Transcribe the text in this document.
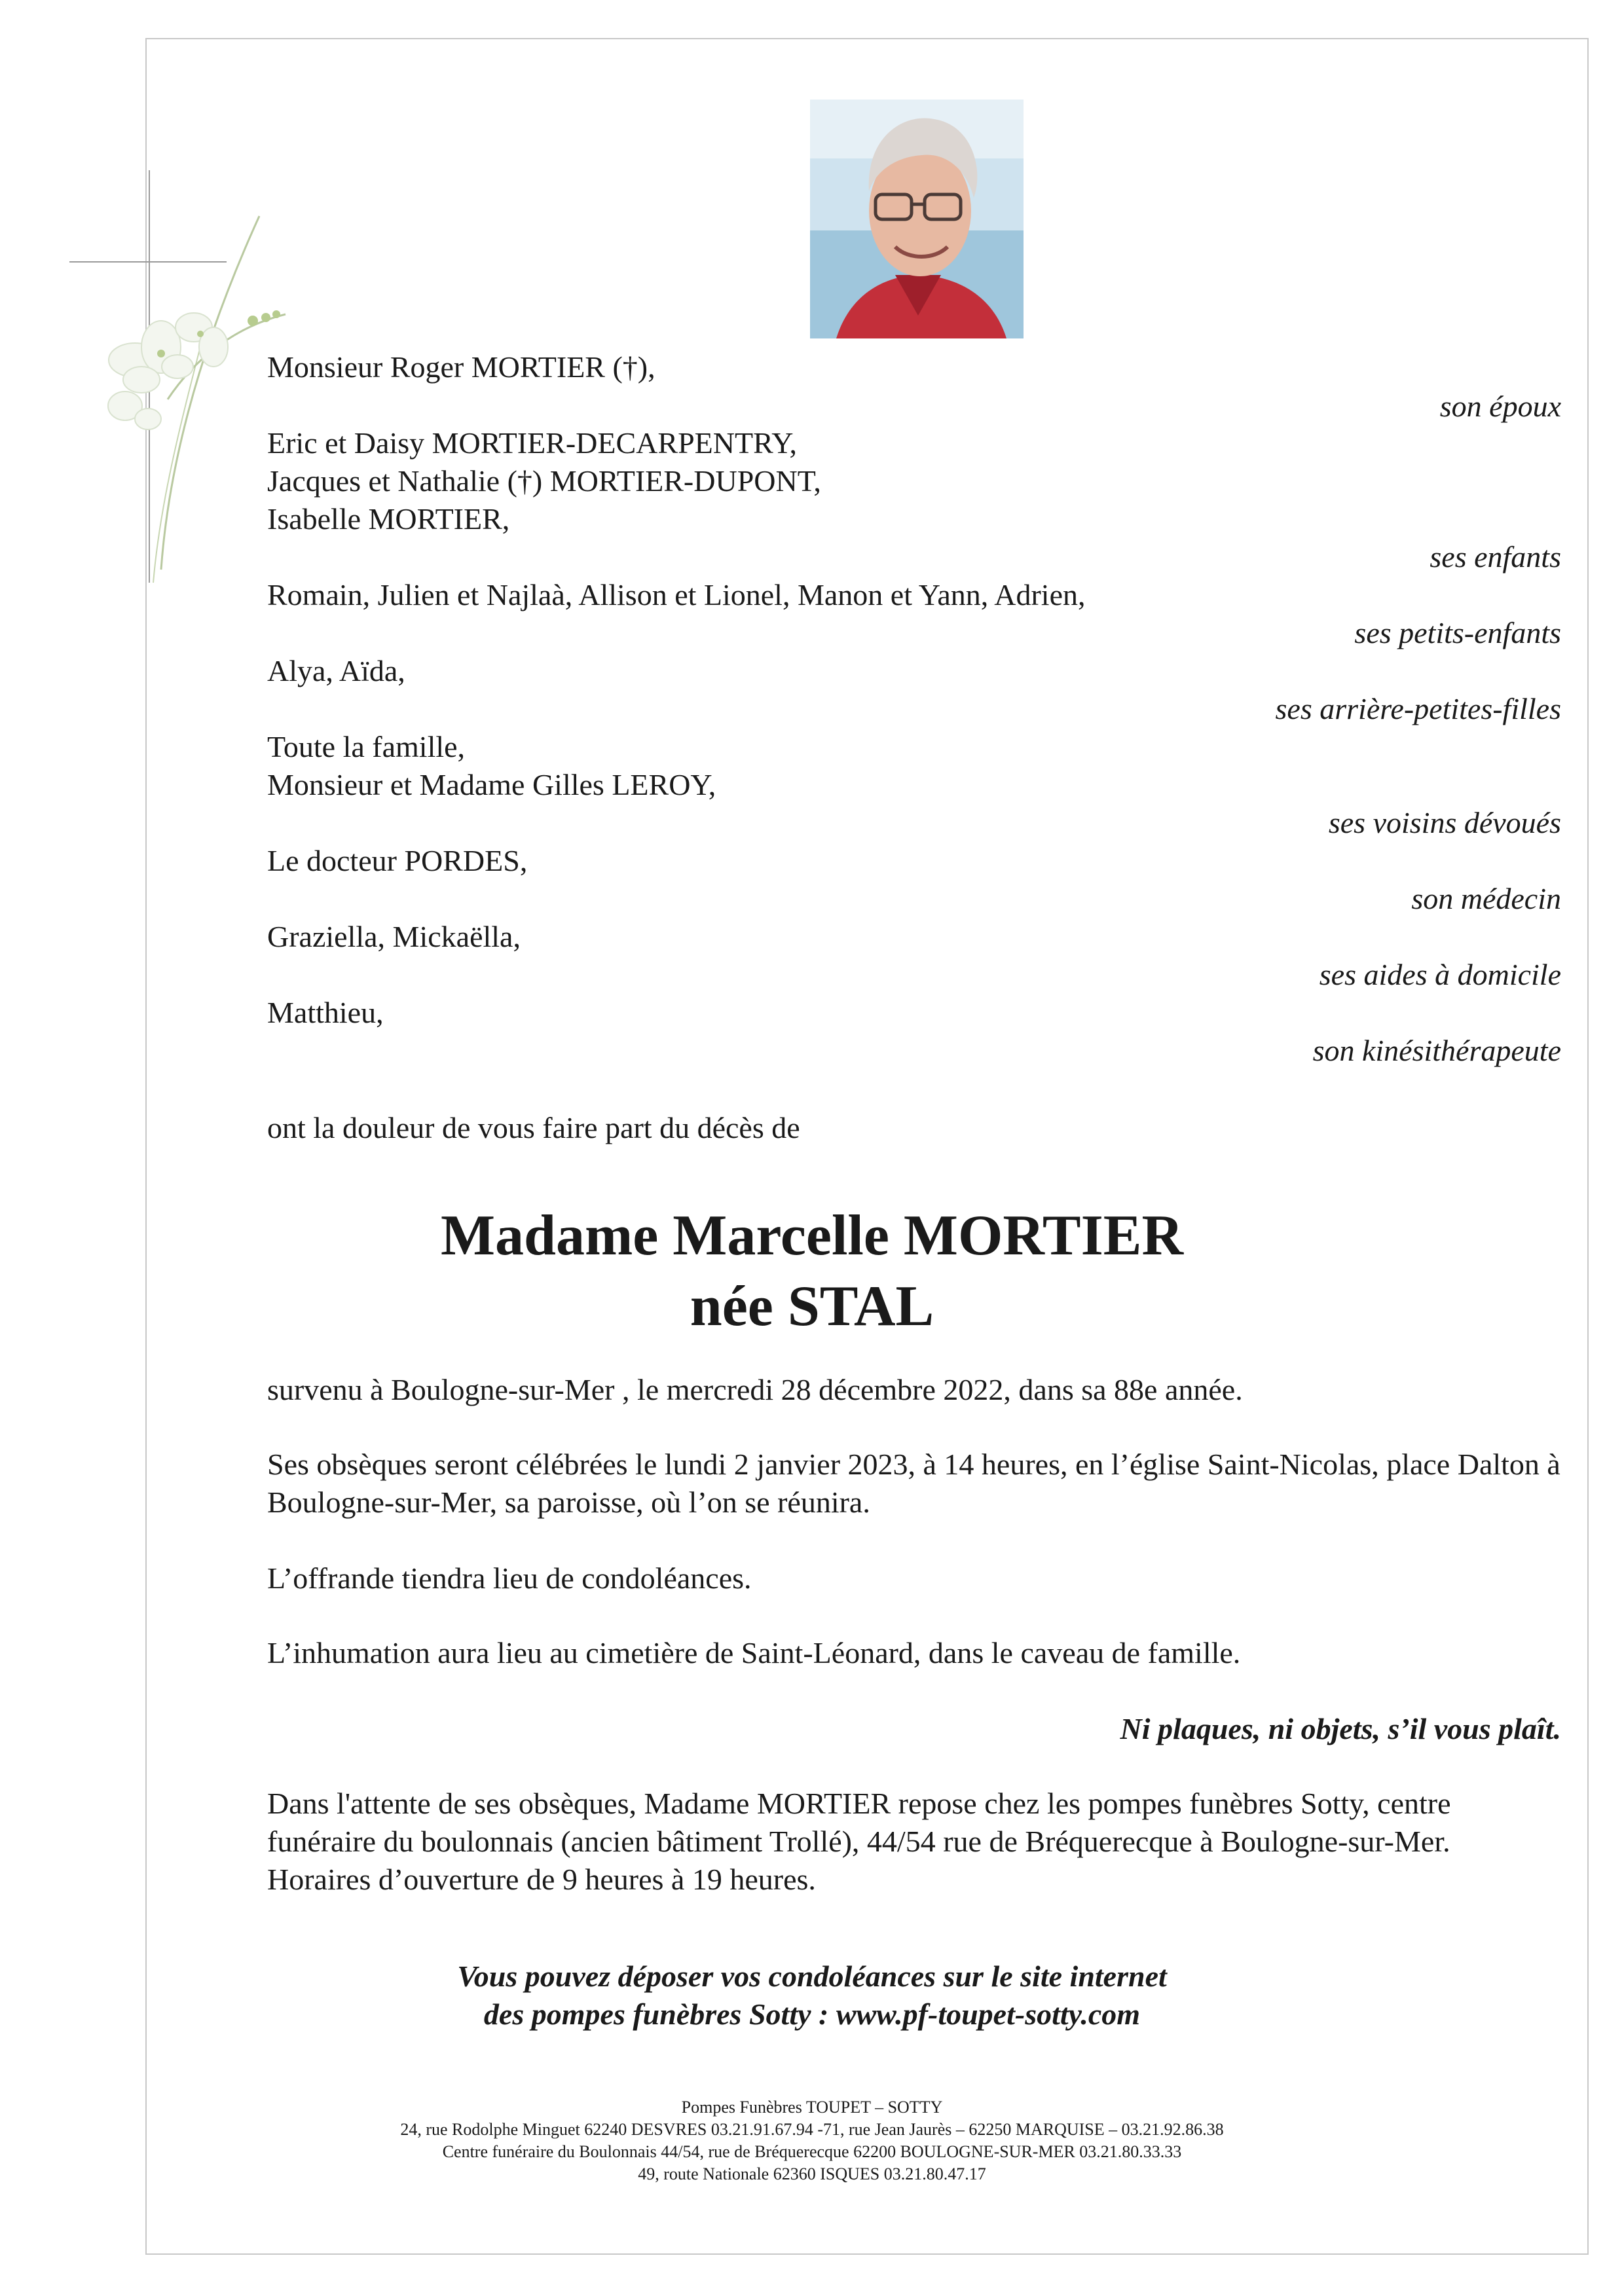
Monsieur Roger MORTIER (†),
Eric et Daisy MORTIER-DECARPENTRY,
Jacques et Nathalie (†) MORTIER-DUPONT,
Isabelle MORTIER,
Romain, Julien et Najlaà, Allison et Lionel, Manon et Yann, Adrien,
Alya, Aïda,
Toute la famille,
Monsieur et Madame Gilles LEROY,
Le docteur PORDES,
Graziella, Mickaëlla,
Matthieu,
son époux
ses enfants
ses petits-enfants
ses arrière-petites-filles
ses voisins dévoués
son médecin
ses aides à domicile
son kinésithérapeute
ont la douleur de vous faire part du décès de
Madame Marcelle MORTIER
née STAL
survenu à Boulogne-sur-Mer , le mercredi 28 décembre 2022, dans sa 88e année.
Ses obsèques seront célébrées le lundi 2 janvier 2023, à 14 heures, en l’église Saint-Nicolas, place Dalton à Boulogne-sur-Mer, sa paroisse, où l’on se réunira.
L’offrande tiendra lieu de condoléances.
L’inhumation aura lieu au cimetière de Saint-Léonard, dans le caveau de famille.
Ni plaques, ni objets, s’il vous plaît.
Dans l'attente de ses obsèques, Madame MORTIER repose chez les pompes funèbres Sotty, centre
funéraire du boulonnais (ancien bâtiment Trollé), 44/54 rue de Bréquerecque à Boulogne-sur-Mer.
Horaires d’ouverture de 9 heures à 19 heures.
Vous pouvez déposer vos condoléances sur le site internet
des pompes funèbres Sotty : www.pf-toupet-sotty.com
Pompes Funèbres TOUPET – SOTTY
24, rue Rodolphe Minguet 62240 DESVRES 03.21.91.67.94 -71, rue Jean Jaurès – 62250 MARQUISE – 03.21.92.86.38
Centre funéraire du Boulonnais 44/54, rue de Bréquerecque 62200 BOULOGNE-SUR-MER 03.21.80.33.33
49, route Nationale 62360 ISQUES 03.21.80.47.17
